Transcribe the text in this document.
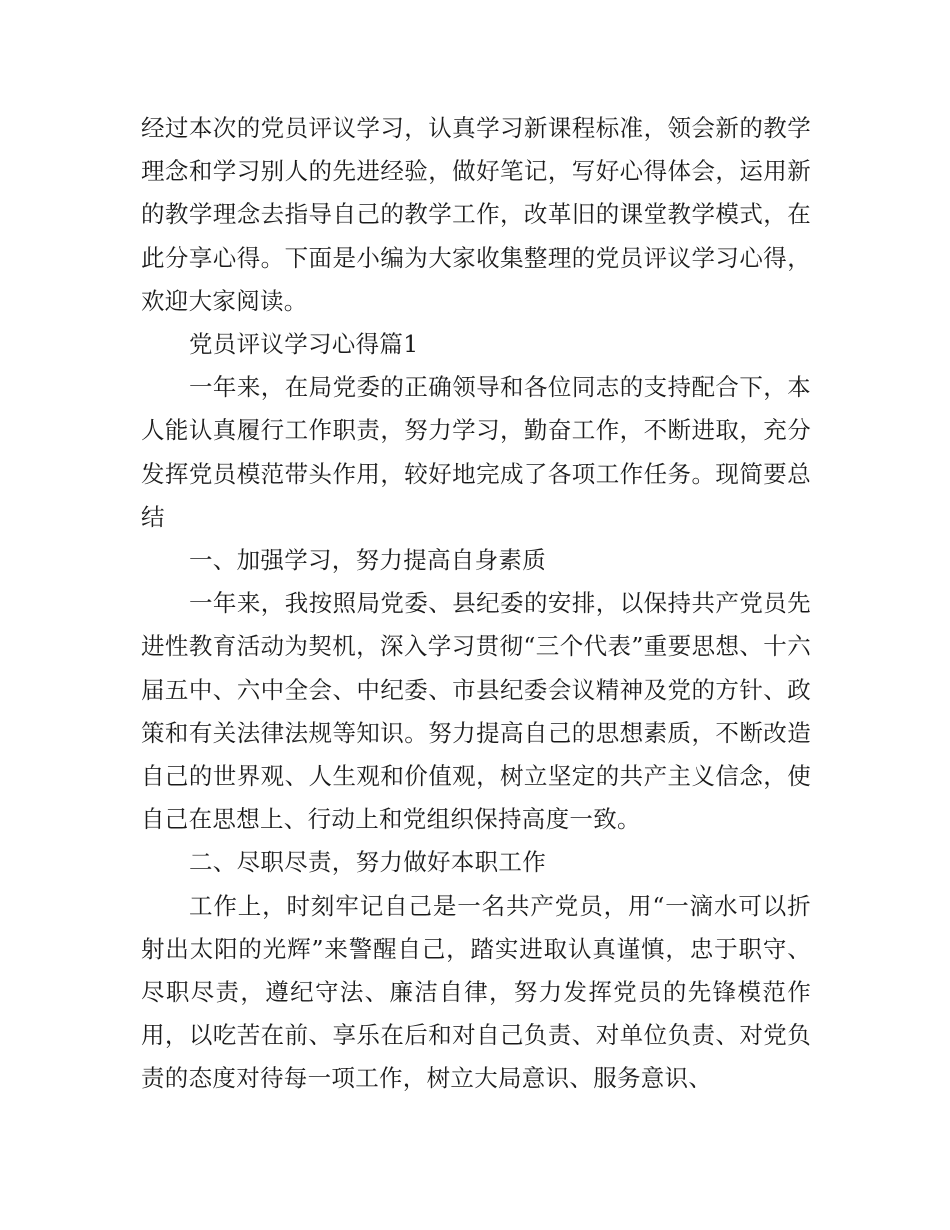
经过本次的党员评议学习，认真学习新课程标准，领会新的教学理念和学习别人的先进经验，做好笔记，写好心得体会，运用新的教学理念去指导自己的教学工作，改革旧的课堂教学模式，在此分享心得。下面是小编为大家收集整理的党员评议学习心得，欢迎大家阅读。

党员评议学习心得篇1

一年来，在局党委的正确领导和各位同志的支持配合下，本人能认真履行工作职责，努力学习，勤奋工作，不断进取，充分发挥党员模范带头作用，较好地完成了各项工作任务。现简要总结

一、加强学习，努力提高自身素质

一年来，我按照局党委、县纪委的安排，以保持共产党员先进性教育活动为契机，深入学习贯彻“三个代表”重要思想、十六届五中、六中全会、中纪委、市县纪委会议精神及党的方针、政策和有关法律法规等知识。努力提高自己的思想素质，不断改造自己的世界观、人生观和价值观，树立坚定的共产主义信念，使自己在思想上、行动上和党组织保持高度一致。

二、尽职尽责，努力做好本职工作

工作上，时刻牢记自己是一名共产党员，用“一滴水可以折射出太阳的光辉”来警醒自己，踏实进取认真谨慎，忠于职守、尽职尽责，遵纪守法、廉洁自律，努力发挥党员的先锋模范作用，以吃苦在前、享乐在后和对自己负责、对单位负责、对党负责的态度对待每一项工作，树立大局意识、服务意识、
